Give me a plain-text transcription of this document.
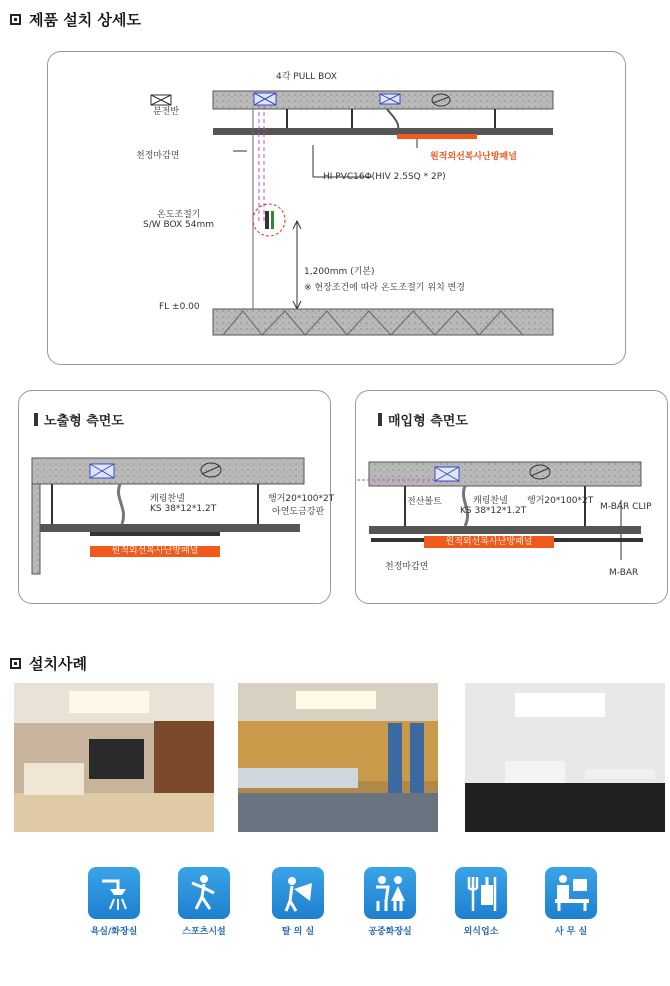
제품 설치 상세도
4각 PULL BOX
분전반
천정마감면	원적외선복사난방패널
HI PVC16Φ(HIV 2.5SQ * 2P)
온도조절기
S/W BOX 54mm
1,200mm (기본)
※ 현장조건에 따라 온도조절기 위치 변경
FL ±0.00
노출형 측면도
캐링찬넬
KS 38*12*1.2T
행거20*100*2T
아연도금강판
원적외선복사난방패널
매입형 측면도
전산볼트	캐링찬넬
KS 38*12*1.2T
행거20*100*2T
M-BAR CLIP
원적외선복사난방패널
천정마감면
M-BAR
설치사례
욕실/화장실	스포츠시설	탈 의 실	공중화장실	외식업소	사 무 실
